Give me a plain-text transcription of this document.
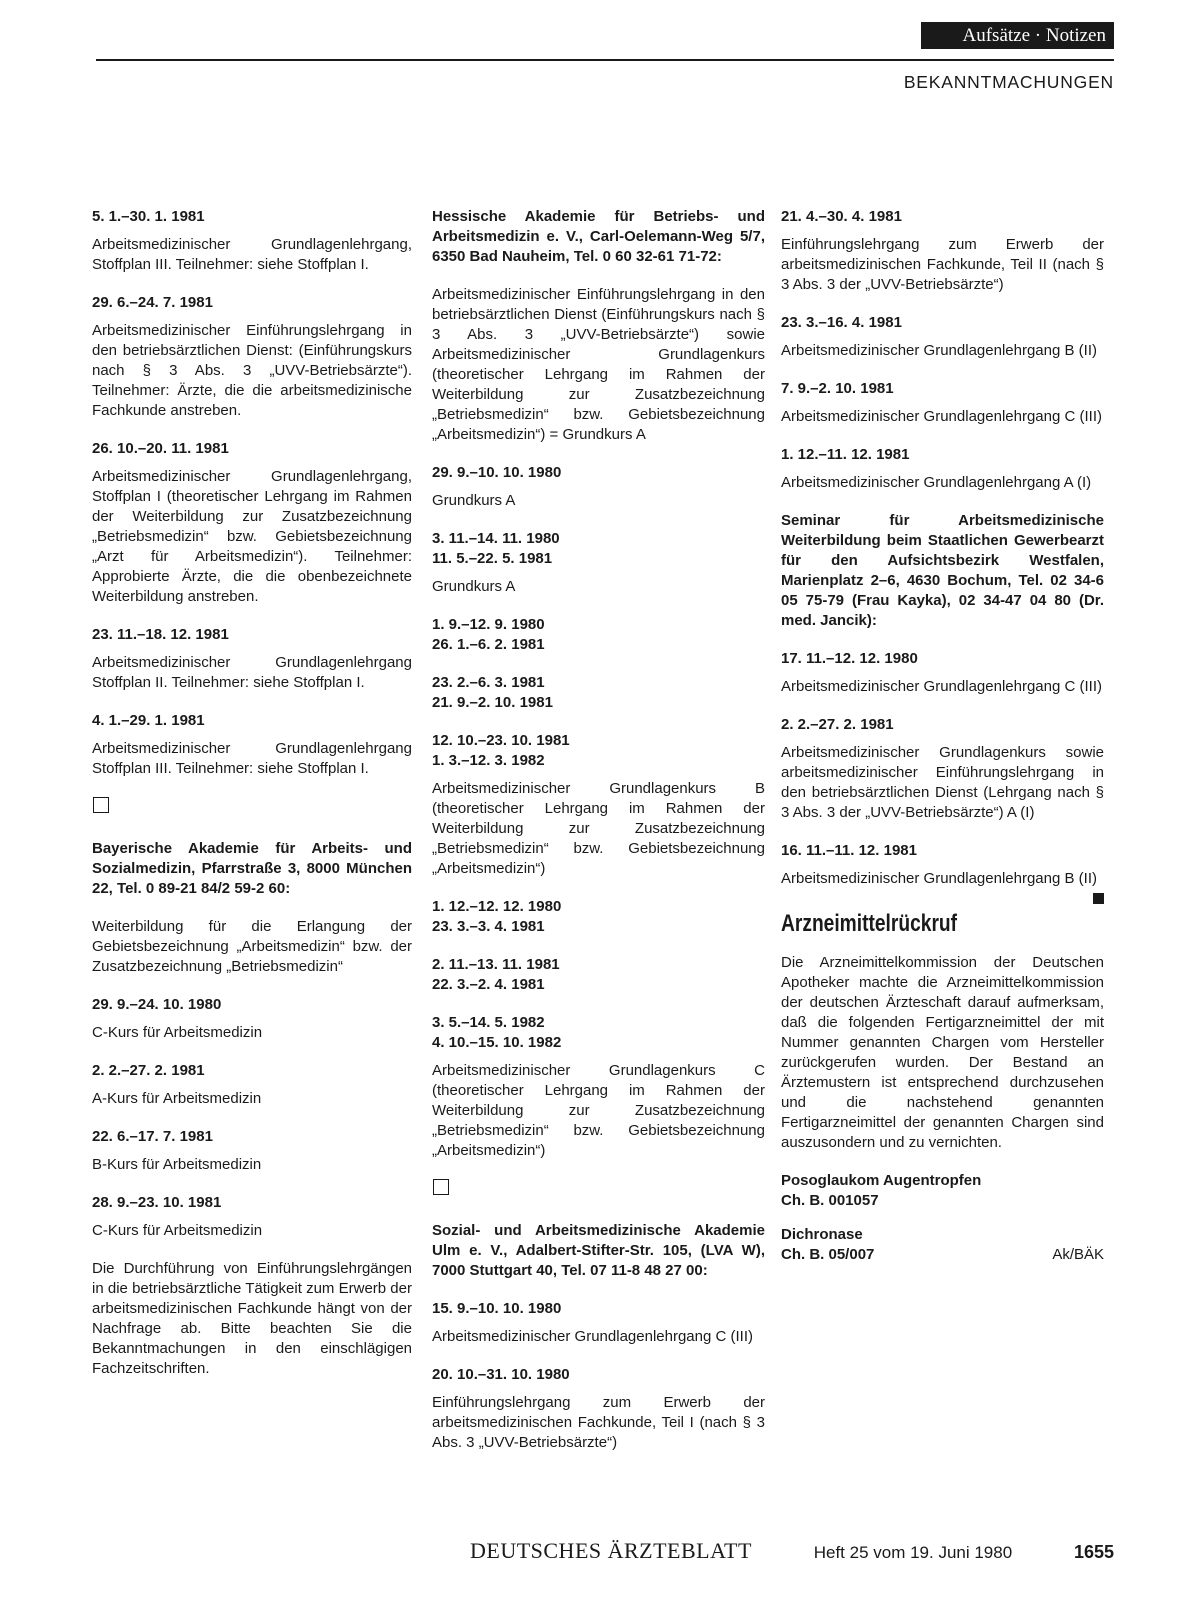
Aufsätze · Notizen
BEKANNTMACHUNGEN
5. 1.–30. 1. 1981
Arbeitsmedizinischer Grundlagenlehrgang, Stoffplan III. Teilnehmer: siehe Stoffplan I.
29. 6.–24. 7. 1981
Arbeitsmedizinischer Einführungslehrgang in den betriebsärztlichen Dienst: (Einführungskurs nach § 3 Abs. 3 „UVV-Betriebsärzte“). Teilnehmer: Ärzte, die die arbeitsmedizinische Fachkunde anstreben.
26. 10.–20. 11. 1981
Arbeitsmedizinischer Grundlagenlehrgang, Stoffplan I (theoretischer Lehrgang im Rahmen der Weiterbildung zur Zusatzbezeichnung „Betriebsmedizin“ bzw. Gebietsbezeichnung „Arzt für Arbeitsmedizin“). Teilnehmer: Approbierte Ärzte, die die obenbezeichnete Weiterbildung anstreben.
23. 11.–18. 12. 1981
Arbeitsmedizinischer Grundlagenlehrgang Stoffplan II. Teilnehmer: siehe Stoffplan I.
4. 1.–29. 1. 1981
Arbeitsmedizinischer Grundlagenlehrgang Stoffplan III. Teilnehmer: siehe Stoffplan I.
Bayerische Akademie für Arbeits- und Sozialmedizin, Pfarrstraße 3, 8000 München 22, Tel. 0 89-21 84/2 59-2 60:
Weiterbildung für die Erlangung der Gebietsbezeichnung „Arbeitsmedizin“ bzw. der Zusatzbezeichnung „Betriebsmedizin“
29. 9.–24. 10. 1980
C-Kurs für Arbeitsmedizin
2. 2.–27. 2. 1981
A-Kurs für Arbeitsmedizin
22. 6.–17. 7. 1981
B-Kurs für Arbeitsmedizin
28. 9.–23. 10. 1981
C-Kurs für Arbeitsmedizin
Die Durchführung von Einführungslehrgängen in die betriebsärztliche Tätigkeit zum Erwerb der arbeitsmedizinischen Fachkunde hängt von der Nachfrage ab. Bitte beachten Sie die Bekanntmachungen in den einschlägigen Fachzeitschriften.
Hessische Akademie für Betriebs- und Arbeitsmedizin e. V., Carl-Oelemann-Weg 5/7, 6350 Bad Nauheim, Tel. 0 60 32-61 71-72:
Arbeitsmedizinischer Einführungslehrgang in den betriebsärztlichen Dienst (Einführungskurs nach § 3 Abs. 3 „UVV-Betriebsärzte“) sowie Arbeitsmedizinischer Grundlagenkurs (theoretischer Lehrgang im Rahmen der Weiterbildung zur Zusatzbezeichnung „Betriebsmedizin“ bzw. Gebietsbezeichnung „Arbeitsmedizin“) = Grundkurs A
29. 9.–10. 10. 1980
Grundkurs A
3. 11.–14. 11. 1980
11. 5.–22. 5. 1981
Grundkurs A
1. 9.–12. 9. 1980
26. 1.–6. 2. 1981
23. 2.–6. 3. 1981
21. 9.–2. 10. 1981
12. 10.–23. 10. 1981
1. 3.–12. 3. 1982
Arbeitsmedizinischer Grundlagenkurs B (theoretischer Lehrgang im Rahmen der Weiterbildung zur Zusatzbezeichnung „Betriebsmedizin“ bzw. Gebietsbezeichnung „Arbeitsmedizin“)
1. 12.–12. 12. 1980
23. 3.–3. 4. 1981
2. 11.–13. 11. 1981
22. 3.–2. 4. 1981
3. 5.–14. 5. 1982
4. 10.–15. 10. 1982
Arbeitsmedizinischer Grundlagenkurs C (theoretischer Lehrgang im Rahmen der Weiterbildung zur Zusatzbezeichnung „Betriebsmedizin“ bzw. Gebietsbezeichnung „Arbeitsmedizin“)
Sozial- und Arbeitsmedizinische Akademie Ulm e. V., Adalbert-Stifter-Str. 105, (LVA W), 7000 Stuttgart 40, Tel. 07 11-8 48 27 00:
15. 9.–10. 10. 1980
Arbeitsmedizinischer Grundlagenlehrgang C (III)
20. 10.–31. 10. 1980
Einführungslehrgang zum Erwerb der arbeitsmedizinischen Fachkunde, Teil I (nach § 3 Abs. 3 „UVV-Betriebsärzte“)
21. 4.–30. 4. 1981
Einführungslehrgang zum Erwerb der arbeitsmedizinischen Fachkunde, Teil II (nach § 3 Abs. 3 der „UVV-Betriebsärzte“)
23. 3.–16. 4. 1981
Arbeitsmedizinischer Grundlagenlehrgang B (II)
7. 9.–2. 10. 1981
Arbeitsmedizinischer Grundlagenlehrgang C (III)
1. 12.–11. 12. 1981
Arbeitsmedizinischer Grundlagenlehrgang A (I)
Seminar für Arbeitsmedizinische Weiterbildung beim Staatlichen Gewerbearzt für den Aufsichtsbezirk Westfalen, Marienplatz 2–6, 4630 Bochum, Tel. 02 34-6 05 75-79 (Frau Kayka), 02 34-47 04 80 (Dr. med. Jancik):
17. 11.–12. 12. 1980
Arbeitsmedizinischer Grundlagenlehrgang C (III)
2. 2.–27. 2. 1981
Arbeitsmedizinischer Grundlagenkurs sowie arbeitsmedizinischer Einführungslehrgang in den betriebsärztlichen Dienst (Lehrgang nach § 3 Abs. 3 der „UVV-Betriebsärzte“) A (I)
16. 11.–11. 12. 1981
Arbeitsmedizinischer Grundlagenlehrgang B (II)
Arzneimittelrückruf
Die Arzneimittelkommission der Deutschen Apotheker machte die Arzneimittelkommission der deutschen Ärzteschaft darauf aufmerksam, daß die folgenden Fertigarzneimittel der mit Nummer genannten Chargen vom Hersteller zurückgerufen wurden. Der Bestand an Ärztemustern ist entsprechend durchzusehen und die nachstehend genannten Fertigarzneimittel der genannten Chargen sind auszusondern und zu vernichten.
Posoglaukom Augentropfen
Ch. B. 001057
Dichronase
Ch. B. 05/007	Ak/BÄK
DEUTSCHES ÄRZTEBLATT	Heft 25 vom 19. Juni 1980	1655
